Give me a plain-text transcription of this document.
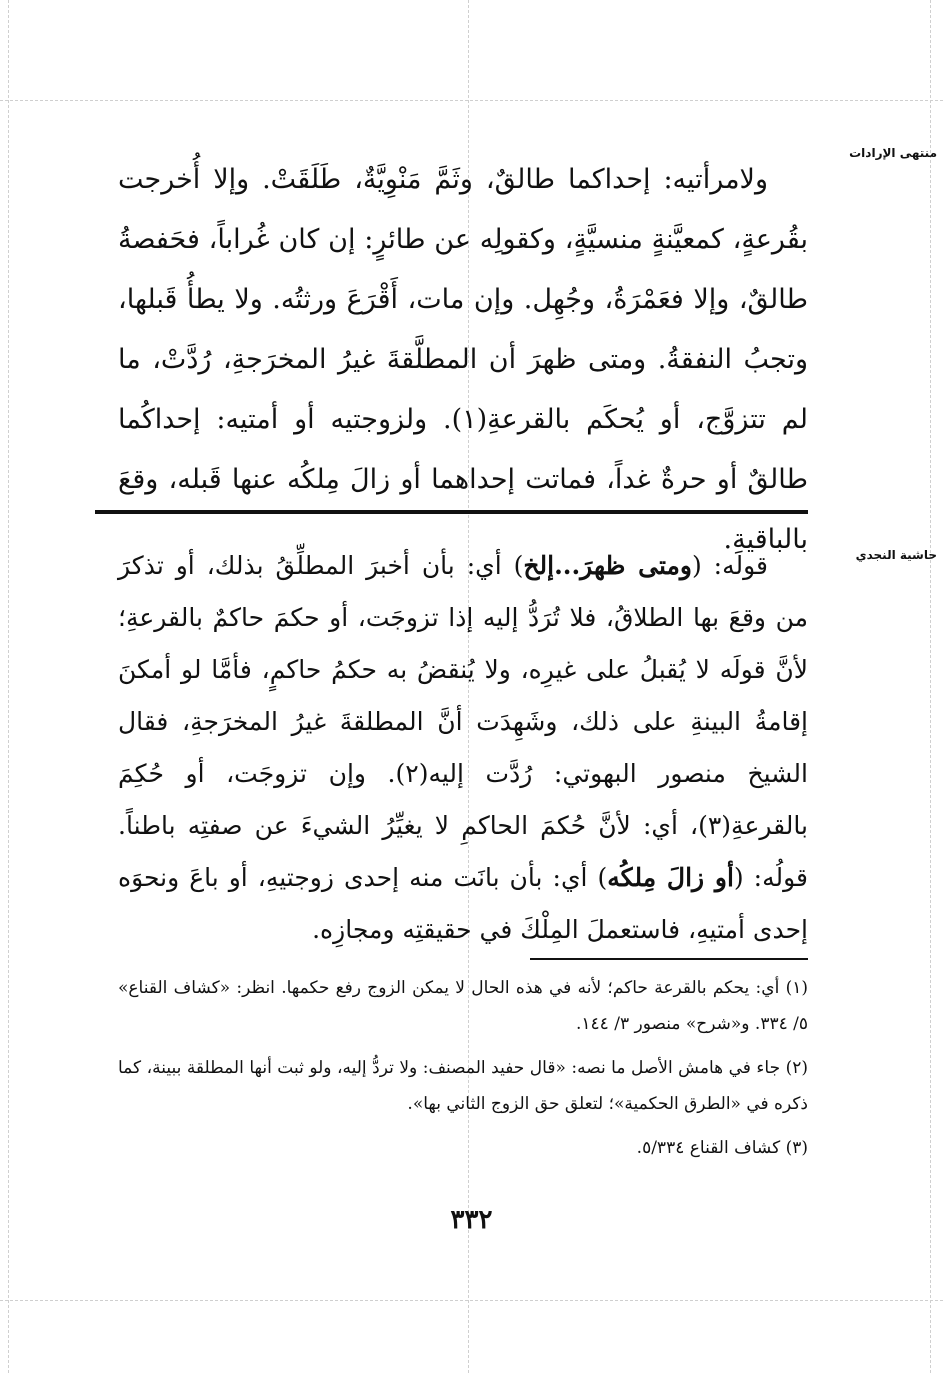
منتهى الإرادات
حاشية النجدي

ولامرأتيه: إحداكما طالقٌ، وثَمَّ مَنْوِيَّةٌ، طَلَقَتْ. وإلا أُخرجت بقُرعةٍ، كمعيَّنةٍ منسيَّةٍ، وكقولِه عن طائرٍ: إن كان غُراباً، فحَفصةُ طالقٌ، وإلا فعَمْرَةُ، وجُهِل. وإن مات، أَقْرَعَ ورثتُه. ولا يطأُ قَبلها، وتجبُ النفقةُ. ومتى ظهرَ أن المطلَّقةَ غيرُ المخرَجةِ، رُدَّتْ، ما لم تتزوَّج، أو يُحكَم بالقرعةِ(١). ولزوجتيه أو أمتيه: إحداكُما طالقٌ أو حرةٌ غداً، فماتت إحداهما أو زالَ مِلكُه عنها قَبله، وقعَ بالباقيةِ.

قوله: (ومتى ظهرَ...إلخ) أي: بأن أخبرَ المطلِّقُ بذلك، أو تذكرَ من وقعَ بها الطلاقُ، فلا تُرَدُّ إليه إذا تزوجَت، أو حكمَ حاكمٌ بالقرعةِ؛ لأنَّ قولَه لا يُقبلُ على غيرِه، ولا يُنقضُ به حكمُ حاكمٍ، فأمَّا لو أمكنَ إقامةُ البينةِ على ذلك، وشَهِدَت أنَّ المطلقةَ غيرُ المخرَجةِ، فقال الشيخ منصور البهوتي: رُدَّت إليه(٢). وإن تزوجَت، أو حُكِمَ بالقرعةِ(٣)، أي: لأنَّ حُكمَ الحاكمِ لا يغيِّرُ الشيءَ عن صفتِه باطناً. قولُه: (أو زالَ مِلكُه) أي: بأن بانَت منه إحدى زوجتيهِ، أو باعَ ونحوَه إحدى أمتيهِ، فاستعملَ المِلْكَ في حقيقتِه ومجازِه.

(١) أي: يحكم بالقرعة حاكم؛ لأنه في هذه الحال لا يمكن الزوج رفع حكمها. انظر: «كشاف القناع» ٥/ ٣٣٤. و«شرح» منصور ٣/ ١٤٤.

(٢) جاء في هامش الأصل ما نصه: «قال حفيد المصنف: ولا تردُّ إليه، ولو ثبت أنها المطلقة ببينة، كما ذكره في «الطرق الحكمية»؛ لتعلق حق الزوج الثاني بها».

(٣) كشاف القناع ٥/٣٣٤.

٣٣٢
